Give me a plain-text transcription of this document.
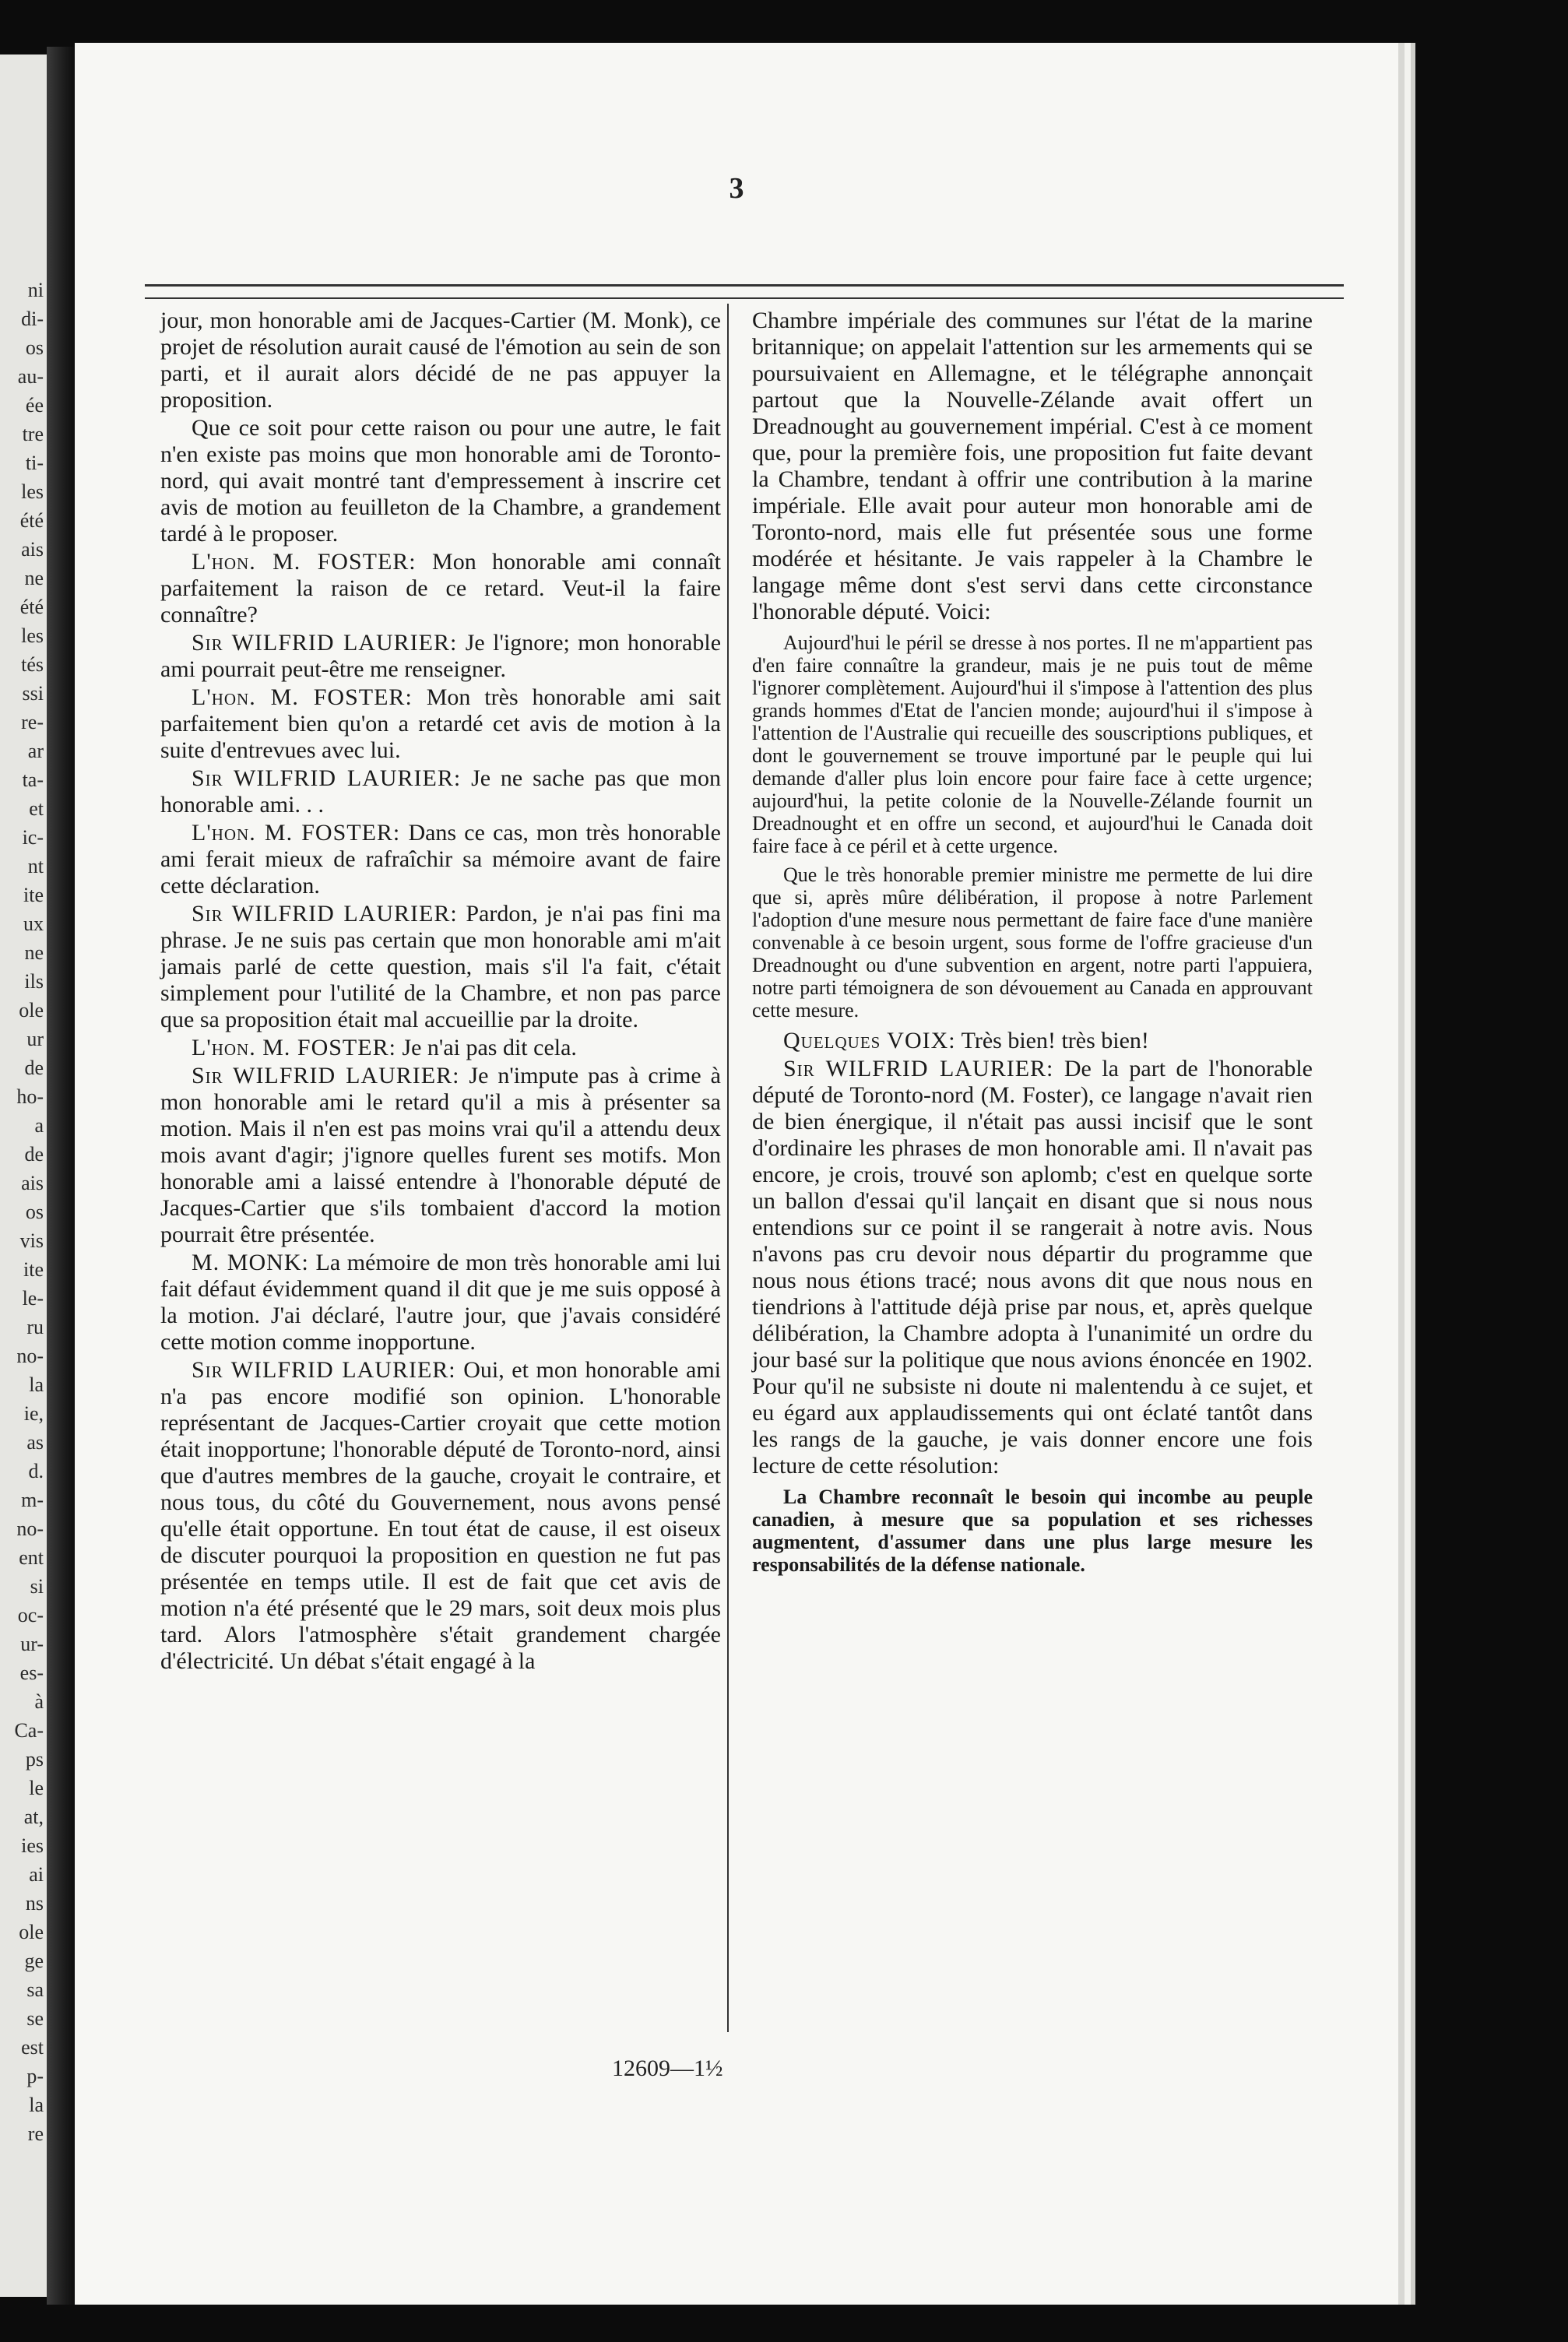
ni
di-
os
au-
ée
tre
ti-
les
été
ais
ne
été
les
tés
ssi
re-
ar
ta-
et
ic-
nt
ite
ux
ne
ils
ole
ur
de
ho-
a
de
ais
os
vis
ite
le-
ru
no-
la
ie,
as
d.
m-
no-
ent
si
oc-
ur-
es-
à
Ca-
ps
le
at,
ies
ai
ns
ole
ge
sa
se
est
p-
la
re
3

jour, mon honorable ami de Jacques-Cartier (M. Monk), ce projet de résolution aurait causé de l'émotion au sein de son parti, et il aurait alors décidé de ne pas appuyer la proposition.

Que ce soit pour cette raison ou pour une autre, le fait n'en existe pas moins que mon honorable ami de Toronto-nord, qui avait montré tant d'empressement à inscrire cet avis de motion au feuilleton de la Chambre, a grandement tardé à le proposer.

L'hon. M. FOSTER: Mon honorable ami connaît parfaitement la raison de ce retard. Veut-il la faire connaître?

Sir WILFRID LAURIER: Je l'ignore; mon honorable ami pourrait peut-être me renseigner.

L'hon. M. FOSTER: Mon très honorable ami sait parfaitement bien qu'on a retardé cet avis de motion à la suite d'entrevues avec lui.

Sir WILFRID LAURIER: Je ne sache pas que mon honorable ami. . .

L'hon. M. FOSTER: Dans ce cas, mon très honorable ami ferait mieux de rafraîchir sa mémoire avant de faire cette déclaration.

Sir WILFRID LAURIER: Pardon, je n'ai pas fini ma phrase. Je ne suis pas certain que mon honorable ami m'ait jamais parlé de cette question, mais s'il l'a fait, c'était simplement pour l'utilité de la Chambre, et non pas parce que sa proposition était mal accueillie par la droite.

L'hon. M. FOSTER: Je n'ai pas dit cela.

Sir WILFRID LAURIER: Je n'impute pas à crime à mon honorable ami le retard qu'il a mis à présenter sa motion. Mais il n'en est pas moins vrai qu'il a attendu deux mois avant d'agir; j'ignore quelles furent ses motifs. Mon honorable ami a laissé entendre à l'honorable député de Jacques-Cartier que s'ils tombaient d'accord la motion pourrait être présentée.

M. MONK: La mémoire de mon très honorable ami lui fait défaut évidemment quand il dit que je me suis opposé à la motion. J'ai déclaré, l'autre jour, que j'avais considéré cette motion comme inopportune.

Sir WILFRID LAURIER: Oui, et mon honorable ami n'a pas encore modifié son opinion. L'honorable représentant de Jacques-Cartier croyait que cette motion était inopportune; l'honorable député de Toronto-nord, ainsi que d'autres membres de la gauche, croyait le contraire, et nous tous, du côté du Gouvernement, nous avons pensé qu'elle était opportune. En tout état de cause, il est oiseux de discuter pourquoi la proposition en question ne fut pas présentée en temps utile. Il est de fait que cet avis de motion n'a été présenté que le 29 mars, soit deux mois plus tard. Alors l'atmosphère s'était grandement chargée d'électricité. Un débat s'était engagé à la

Chambre impériale des communes sur l'état de la marine britannique; on appelait l'attention sur les armements qui se poursuivaient en Allemagne, et le télégraphe annonçait partout que la Nouvelle-Zélande avait offert un Dreadnought au gouvernement impérial. C'est à ce moment que, pour la première fois, une proposition fut faite devant la Chambre, tendant à offrir une contribution à la marine impériale. Elle avait pour auteur mon honorable ami de Toronto-nord, mais elle fut présentée sous une forme modérée et hésitante. Je vais rappeler à la Chambre le langage même dont s'est servi dans cette circonstance l'honorable député. Voici:

Aujourd'hui le péril se dresse à nos portes. Il ne m'appartient pas d'en faire connaître la grandeur, mais je ne puis tout de même l'ignorer complètement. Aujourd'hui il s'impose à l'attention des plus grands hommes d'Etat de l'ancien monde; aujourd'hui il s'impose à l'attention de l'Australie qui recueille des souscriptions publiques, et dont le gouvernement se trouve importuné par le peuple qui lui demande d'aller plus loin encore pour faire face à cette urgence; aujourd'hui, la petite colonie de la Nouvelle-Zélande fournit un Dreadnought et en offre un second, et aujourd'hui le Canada doit faire face à ce péril et à cette urgence.

Que le très honorable premier ministre me permette de lui dire que si, après mûre délibération, il propose à notre Parlement l'adoption d'une mesure nous permettant de faire face d'une manière convenable à ce besoin urgent, sous forme de l'offre gracieuse d'un Dreadnought ou d'une subvention en argent, notre parti l'appuiera, notre parti témoignera de son dévouement au Canada en approuvant cette mesure.

Quelques VOIX: Très bien! très bien!

Sir WILFRID LAURIER: De la part de l'honorable député de Toronto-nord (M. Foster), ce langage n'avait rien de bien énergique, il n'était pas aussi incisif que le sont d'ordinaire les phrases de mon honorable ami. Il n'avait pas encore, je crois, trouvé son aplomb; c'est en quelque sorte un ballon d'essai qu'il lançait en disant que si nous nous entendions sur ce point il se rangerait à notre avis. Nous n'avons pas cru devoir nous départir du programme que nous nous étions tracé; nous avons dit que nous nous en tiendrions à l'attitude déjà prise par nous, et, après quelque délibération, la Chambre adopta à l'unanimité un ordre du jour basé sur la politique que nous avions énoncée en 1902. Pour qu'il ne subsiste ni doute ni malentendu à ce sujet, et eu égard aux applaudissements qui ont éclaté tantôt dans les rangs de la gauche, je vais donner encore une fois lecture de cette résolution:

La Chambre reconnaît le besoin qui incombe au peuple canadien, à mesure que sa population et ses richesses augmentent, d'assumer dans une plus large mesure les responsabilités de la défense nationale.

12609—1½
